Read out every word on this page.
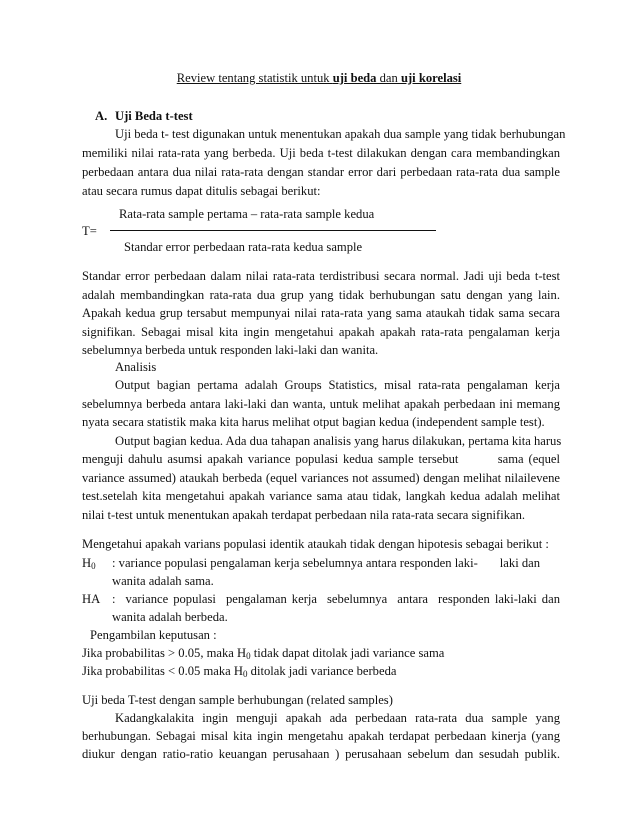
Review tentang statistik untuk uji beda dan uji korelasi
A. Uji Beda t-test
Uji beda t- test digunakan untuk menentukan apakah dua sample yang tidak berhubungan
memiliki nilai rata-rata yang berbeda. Uji beda t-test dilakukan dengan cara membandingkan
perbedaan antara dua nilai rata-rata dengan standar error dari perbedaan rata-rata dua sample
atau secara rumus dapat ditulis sebagai berikut:
Rata-rata sample pertama – rata-rata sample kedua
T=
Standar error perbedaan rata-rata kedua sample
Standar error perbedaan dalam nilai rata-rata terdistribusi secara normal. Jadi uji beda t-test
adalah membandingkan rata-rata dua grup yang tidak berhubungan satu dengan yang lain.
Apakah kedua grup tersabut mempunyai nilai rata-rata yang sama ataukah tidak sama secara
signifikan. Sebagai misal kita ingin mengetahui apakah apakah rata-rata pengalaman kerja
sebelumnya berbeda untuk responden laki-laki dan wanita.
Analisis
Output bagian pertama adalah Groups Statistics, misal rata-rata pengalaman kerja
sebelumnya berbeda antara laki-laki dan wanta, untuk melihat apakah perbedaan ini memang
nyata secara statistik maka kita harus melihat otput bagian kedua (independent sample test).
Output bagian kedua. Ada dua tahapan analisis yang harus dilakukan, pertama kita harus
menguji dahulu asumsi apakah variance populasi kedua sample tersebut        sama (equel
variance assumed) ataukah berbeda (equel variances not assumed) dengan melihat nilailevene
test.setelah kita mengetahui apakah variance sama atau tidak, langkah kedua adalah melihat
nilai t-test untuk menentukan apakah terdapat perbedaan nila rata-rata secara signifikan.
Mengetahui apakah varians populasi identik ataukah tidak dengan hipotesis sebagai berikut :
$H_0$ : variance populasi pengalaman kerja sebelumnya antara responden laki-       laki dan
wanita adalah sama.
HA :  variance populasi  pengalaman kerja  sebelumnya  antara  responden laki-laki dan
wanita adalah berbeda.
Pengambilan keputusan :
Jika probabilitas > 0.05, maka $H_0$ tidak dapat ditolak jadi variance sama
Jika probabilitas < 0.05 maka $H_0$ ditolak jadi variance berbeda
Uji beda T-test dengan sample berhubungan (related samples)
Kadangkalakita ingin menguji apakah ada perbedaan rata-rata dua sample yang
berhubungan. Sebagai misal kita ingin mengetahu apakah terdapat perbedaan kinerja (yang
diukur dengan ratio-ratio keuangan perusahaan ) perusahaan sebelum dan sesudah publik.
